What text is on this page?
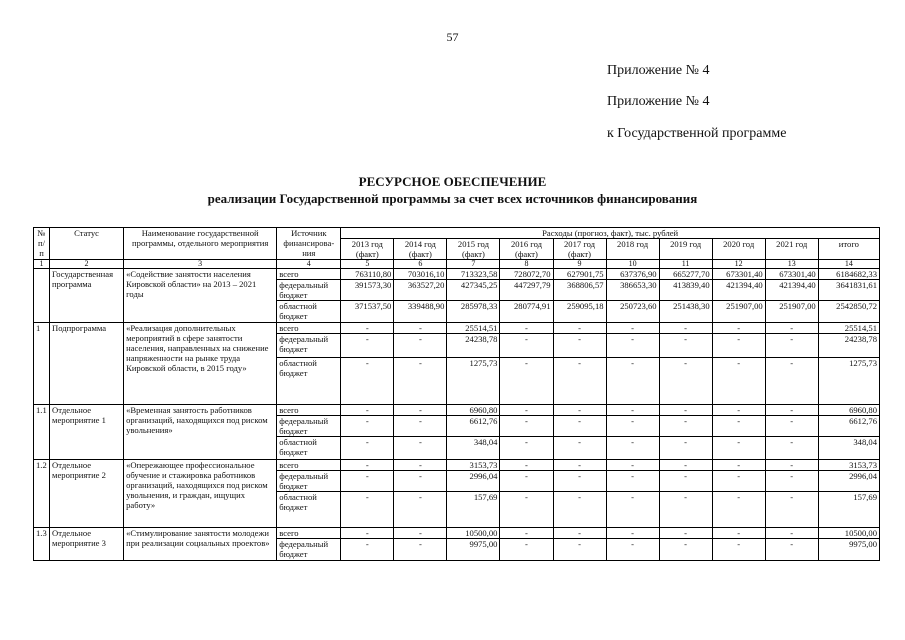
57
Приложение № 4
Приложение № 4
к Государственной программе
РЕСУРСНОЕ ОБЕСПЕЧЕНИЕ
реализации Государственной программы за счет всех источников финансирования
№ п/п	Статус	Наименование государственной программы, отдельного мероприятия	Источник финансирова-ния	Расходы (прогноз, факт), тыс. рублей									
				2013 год (факт)	2014 год (факт)	2015 год (факт)	2016 год (факт)	2017 год (факт)	2018 год	2019 год	2020 год	2021 год	итого
1	2	3	4	5	6	7	8	9	10	11	12	13	14
	Государственная программа	«Содействие занятости населения Кировской области» на 2013 – 2021 годы	всего	763110,80	703016,10	713323,58	728072,70	627901,75	637376,90	665277,70	673301,40	673301,40	6184682,33
			федеральный бюджет	391573,30	363527,20	427345,25	447297,79	368806,57	386653,30	413839,40	421394,40	421394,40	3641831,61
			областной бюджет	371537,50	339488,90	285978,33	280774,91	259095,18	250723,60	251438,30	251907,00	251907,00	2542850,72
1	Подпрограмма	«Реализация дополнительных мероприятий в сфере занятости населения, направленных на снижение напряженности на рынке труда Кировской области, в 2015 году»	всего	-	-	25514,51	-	-	-	-	-	-	25514,51
			федеральный бюджет	-	-	24238,78	-	-	-	-	-	-	24238,78
			областной бюджет	-	-	1275,73	-	-	-	-	-	-	1275,73
1.1	Отдельное мероприятие 1	«Временная занятость работников организаций, находящихся под риском увольнения»	всего	-	-	6960,80	-	-	-	-	-	-	6960,80
			федеральный бюджет	-	-	6612,76	-	-	-	-	-	-	6612,76
			областной бюджет	-	-	348,04	-	-	-	-	-	-	348,04
1.2	Отдельное мероприятие 2	«Опережающее профессиональное обучение и стажировка работников организаций, находящихся под риском увольнения, и граждан, ищущих работу»	всего	-	-	3153,73	-	-	-	-	-	-	3153,73
			федеральный бюджет	-	-	2996,04	-	-	-	-	-	-	2996,04
			областной бюджет	-	-	157,69	-	-	-	-	-	-	157,69
1.3	Отдельное мероприятие 3	«Стимулирование занятости молодежи при реализации социальных проектов»	всего	-	-	10500,00	-	-	-	-	-	-	10500,00
			федеральный бюджет	-	-	9975,00	-	-	-	-	-	-	9975,00
